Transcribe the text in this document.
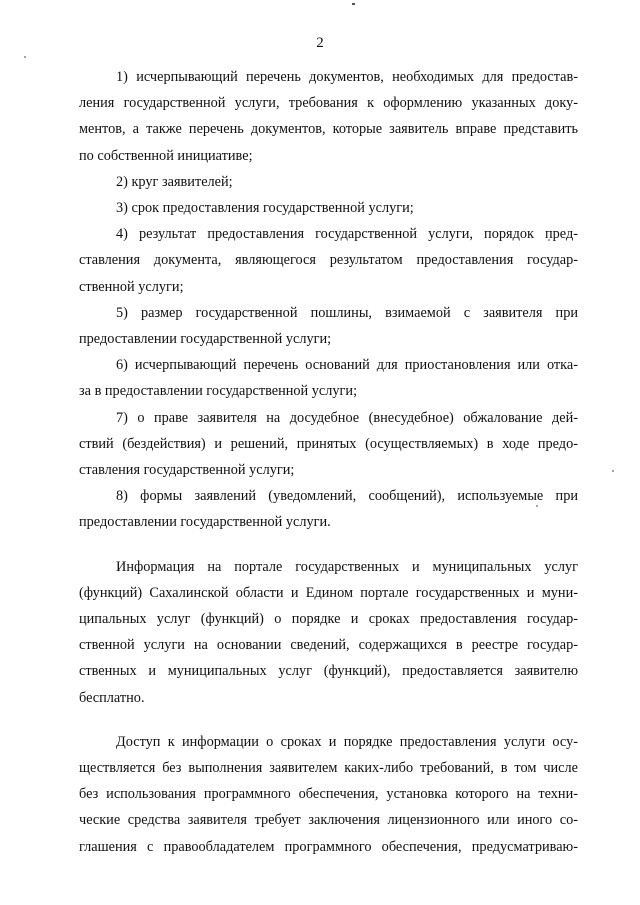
2
1) исчерпывающий перечень документов, необходимых для предостав-
ления государственной услуги, требования к оформлению указанных доку-
ментов, а также перечень документов, которые заявитель вправе представить
по собственной инициативе;
2) круг заявителей;
3) срок предоставления государственной услуги;
4) результат предоставления государственной услуги, порядок пред-
ставления документа, являющегося результатом предоставления государ-
ственной услуги;
5) размер государственной пошлины, взимаемой с заявителя при
предоставлении государственной услуги;
6) исчерпывающий перечень оснований для приостановления или отка-
за в предоставлении государственной услуги;
7) о праве заявителя на досудебное (внесудебное) обжалование дей-
ствий (бездействия) и решений, принятых (осуществляемых) в ходе предо-
ставления государственной услуги;
8) формы заявлений (уведомлений, сообщений), используемые при
предоставлении государственной услуги.
Информация на портале государственных и муниципальных услуг
(функций) Сахалинской области и Едином портале государственных и муни-
ципальных услуг (функций) о порядке и сроках предоставления государ-
ственной услуги на основании сведений, содержащихся в реестре государ-
ственных и муниципальных услуг (функций), предоставляется заявителю
бесплатно.
Доступ к информации о сроках и порядке предоставления услуги осу-
ществляется без выполнения заявителем каких-либо требований, в том числе
без использования программного обеспечения, установка которого на техни-
ческие средства заявителя требует заключения лицензионного или иного со-
глашения с правообладателем программного обеспечения, предусматриваю-
